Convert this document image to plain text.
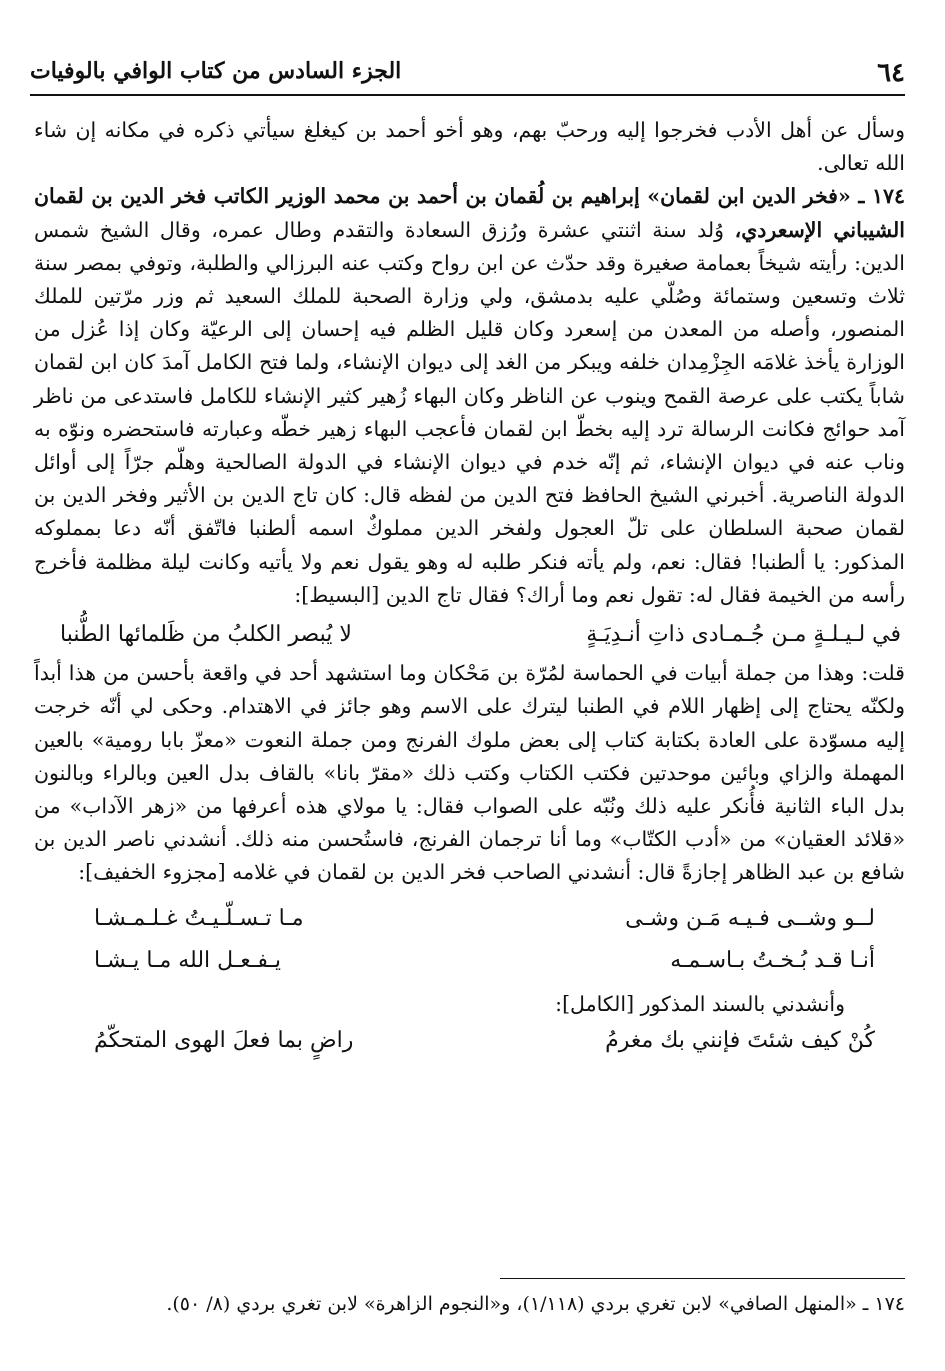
٦٤
الجزء السادس من كتاب الوافي بالوفيات

وسأل عن أهل الأدب فخرجوا إليه ورحبّ بهم، وهو أخو أحمد بن كيغلغ سيأتي ذكره في مكانه إن شاء الله تعالى.

١٧٤ ـ «فخر الدين ابن لقمان» إبراهيم بن لُقمان بن أحمد بن محمد الوزير الكاتب فخر الدين بن لقمان الشيباني الإسعردي، وُلد سنة اثنتي عشرة ورُزق السعادة والتقدم وطال عمره، وقال الشيخ شمس الدين: رأيته شيخاً بعمامة صغيرة وقد حدّث عن ابن رواح وكتب عنه البرزالي والطلبة، وتوفي بمصر سنة ثلاث وتسعين وستمائة وصُلّي عليه بدمشق، ولي وزارة الصحبة للملك السعيد ثم وزر مرّتين للملك المنصور، وأصله من المعدن من إسعرد وكان قليل الظلم فيه إحسان إلى الرعيّة وكان إذا عُزل من الوزارة يأخذ غلامَه الجِزْمِدان خلفه ويبكر من الغد إلى ديوان الإنشاء، ولما فتح الكامل آمدَ كان ابن لقمان شاباً يكتب على عرصة القمح وينوب عن الناظر وكان البهاء زُهير كثير الإنشاء للكامل فاستدعى من ناظر آمد حوائج فكانت الرسالة ترد إليه بخطّ ابن لقمان فأعجب البهاء زهير خطّه وعبارته فاستحضره ونوّه به وناب عنه في ديوان الإنشاء، ثم إنّه خدم في ديوان الإنشاء في الدولة الصالحية وهلّم جرّاً إلى أوائل الدولة الناصرية. أخبرني الشيخ الحافظ فتح الدين من لفظه قال: كان تاج الدين بن الأثير وفخر الدين بن لقمان صحبة السلطان على تلّ العجول ولفخر الدين مملوكٌ اسمه ألطنبا فاتّفق أنّه دعا بمملوكه المذكور: يا ألطنبا! فقال: نعم، ولم يأته فنكر طلبه له وهو يقول نعم ولا يأتيه وكانت ليلة مظلمة فأخرج رأسه من الخيمة فقال له: تقول نعم وما أراك؟ فقال تاج الدين [البسيط]:

في لـيـلـةٍ مـن جُـمـادى ذاتِ أنـدِيَـةٍ
لا يُبصر الكلبُ من ظَلمائها الطُّنبا

قلت: وهذا من جملة أبيات في الحماسة لمُرّة بن مَحْكان وما استشهد أحد في واقعة بأحسن من هذا أبداً ولكنّه يحتاج إلى إظهار اللام في الطنبا ليترك على الاسم وهو جائز في الاهتدام. وحكى لي أنّه خرجت إليه مسوّدة على العادة بكتابة كتاب إلى بعض ملوك الفرنج ومن جملة النعوت «معزّ بابا رومية» بالعين المهملة والزاي وبائين موحدتين فكتب الكتاب وكتب ذلك «مقرّ بانا» بالقاف بدل العين وبالراء وبالنون بدل الباء الثانية فأُنكر عليه ذلك ونُبّه على الصواب فقال: يا مولاي هذه أعرفها من «زهر الآداب» من «قلائد العقيان» من «أدب الكتّاب» وما أنا ترجمان الفرنج، فاستُحسن منه ذلك. أنشدني ناصر الدين بن شافع بن عبد الظاهر إجازةً قال: أنشدني الصاحب فخر الدين بن لقمان في غلامه [مجزوء الخفيف]:

لــو وشــى فـيـه مَـن وشـى
مـا تـسـلّـيـتُ غـلـمـشـا
أنـا قـد بُـخـتُ بـاسـمـه
يـفـعـل الله مـا يـشـا

وأنشدني بالسند المذكور [الكامل]:

كُنْ كيف شئتَ فإنني بك مغرمُ
راضٍ بما فعلَ الهوى المتحكّمُ
١٧٤ ـ «المنهل الصافي» لابن تغري بردي (١/١١٨)، و«النجوم الزاهرة» لابن تغري بردي (٨/ ٥٠).
